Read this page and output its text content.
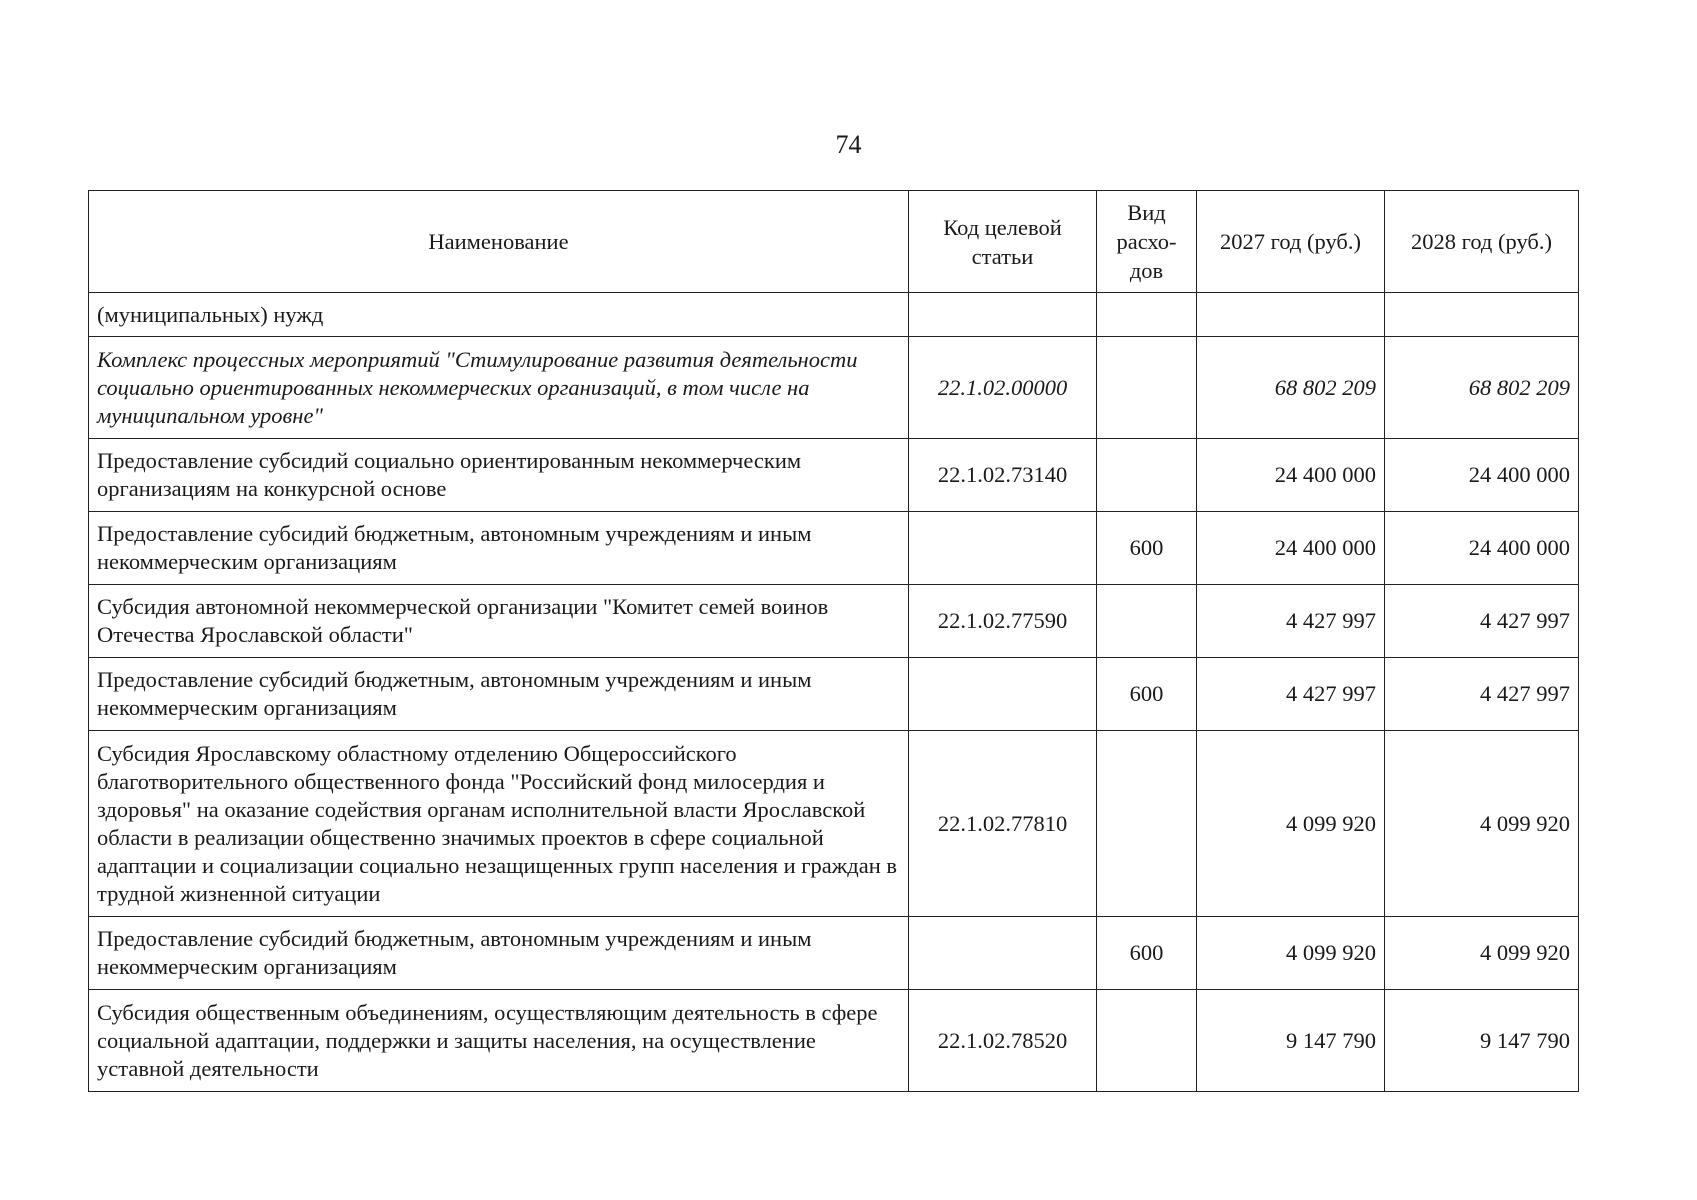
74
Наименование	Код целевой статьи	Вид расхо-дов	2027 год (руб.)	2028 год (руб.)
(муниципальных) нужд				
Комплекс процессных мероприятий "Стимулирование развития деятельности социально ориентированных некоммерческих организаций, в том числе на муниципальном уровне"	22.1.02.00000		68 802 209	68 802 209
Предоставление субсидий социально ориентированным некоммерческим организациям на конкурсной основе	22.1.02.73140		24 400 000	24 400 000
Предоставление субсидий бюджетным, автономным учреждениям и иным некоммерческим организациям		600	24 400 000	24 400 000
Субсидия автономной некоммерческой организации "Комитет семей воинов Отечества Ярославской области"	22.1.02.77590		4 427 997	4 427 997
Предоставление субсидий бюджетным, автономным учреждениям и иным некоммерческим организациям		600	4 427 997	4 427 997
Субсидия Ярославскому областному отделению Общероссийского благотворительного общественного фонда "Российский фонд милосердия и здоровья" на оказание содействия органам исполнительной власти Ярославской области в реализации общественно значимых проектов в сфере социальной адаптации и социализации социально незащищенных групп населения и граждан в трудной жизненной ситуации	22.1.02.77810		4 099 920	4 099 920
Предоставление субсидий бюджетным, автономным учреждениям и иным некоммерческим организациям		600	4 099 920	4 099 920
Субсидия общественным объединениям, осуществляющим деятельность в сфере социальной адаптации, поддержки и защиты населения, на осуществление уставной деятельности	22.1.02.78520		9 147 790	9 147 790
